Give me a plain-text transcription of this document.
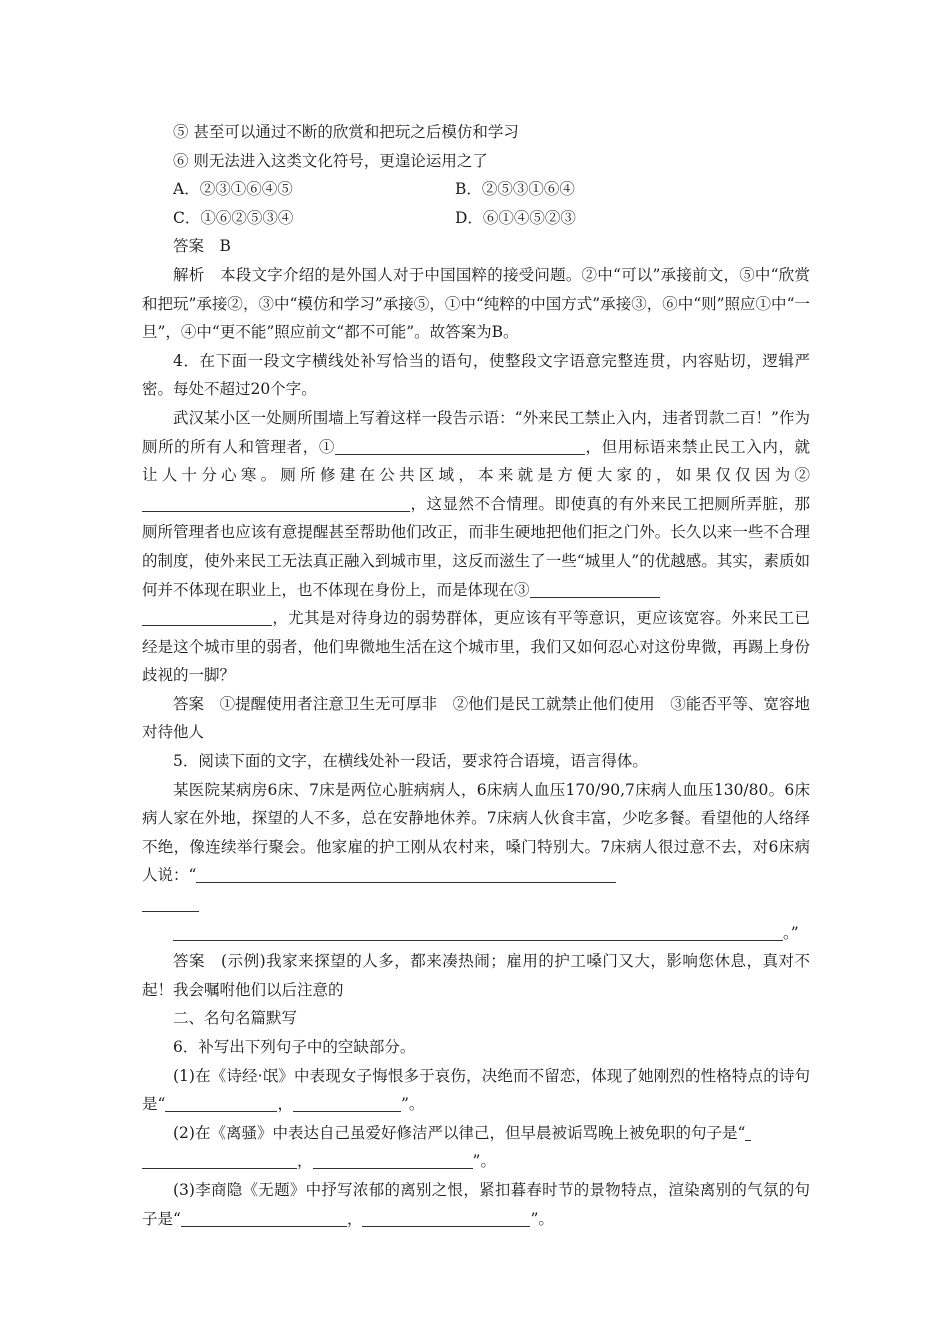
⑤ 甚至可以通过不断的欣赏和把玩之后模仿和学习

⑥ 则无法进入这类文化符号，更遑论运用之了

A．②③①⑥④⑤	B．②⑤③①⑥④
C．①⑥②⑤③④	D．⑥①④⑤②③

答案　B

解析　本段文字介绍的是外国人对于中国国粹的接受问题。②中“可以”承接前文，⑤中“欣赏和把玩”承接②，③中“模仿和学习”承接⑤，①中“纯粹的中国方式”承接③，⑥中“则”照应①中“一旦”，④中“更不能”照应前文“都不可能”。故答案为B。

4．在下面一段文字横线处补写恰当的语句，使整段文字语意完整连贯，内容贴切，逻辑严密。每处不超过20个字。

武汉某小区一处厕所围墙上写着这样一段告示语：“外来民工禁止入内，违者罚款二百！”作为厕所的所有人和管理者，①	，但用标语来禁止民工入内，就让人十分心寒。厕所修建在公共区域，本来就是方便大家的，如果仅仅因为②，这显然不合情理。即使真的有外来民工把厕所弄脏，那厕所管理者也应该有意提醒甚至帮助他们改正，而非生硬地把他们拒之门外。长久以来一些不合理的制度，使外来民工无法真正融入到城市里，这反而滋生了一些“城里人”的优越感。其实，素质如何并不体现在职业上，也不体现在身份上，而是体现在③
，尤其是对待身边的弱势群体，更应该有平等意识，更应该宽容。外来民工已经是这个城市里的弱者，他们卑微地生活在这个城市里，我们又如何忍心对这份卑微，再踢上身份歧视的一脚？

答案　①提醒使用者注意卫生无可厚非　②他们是民工就禁止他们使用　③能否平等、宽容地对待他人

5．阅读下面的文字，在横线处补一段话，要求符合语境，语言得体。

某医院某病房6床、7床是两位心脏病病人，6床病人血压170/90,7床病人血压130/80。6床病人家在外地，探望的人不多，总在安静地休养。7床病人伙食丰富，少吃多餐。看望他的人络绎不绝，像连续举行聚会。他家雇的护工刚从农村来，嗓门特别大。7床病人很过意不去，对6床病人说：“

。”

答案　(示例)我家来探望的人多，都来凑热闹；雇用的护工嗓门又大，影响您休息，真对不起！我会嘱咐他们以后注意的

二、名句名篇默写

6．补写出下列句子中的空缺部分。

(1)在《诗经·氓》中表现女子悔恨多于哀伤，决绝而不留恋，体现了她刚烈的性格特点的诗句是“	，	”。

(2)在《离骚》中表达自己虽爱好修洁严以律己，但早晨被诟骂晚上被免职的句子是“
，	”。

(3)李商隐《无题》中抒写浓郁的离别之恨，紧扣暮春时节的景物特点，渲染离别的气氛的句子是“	，	”。
